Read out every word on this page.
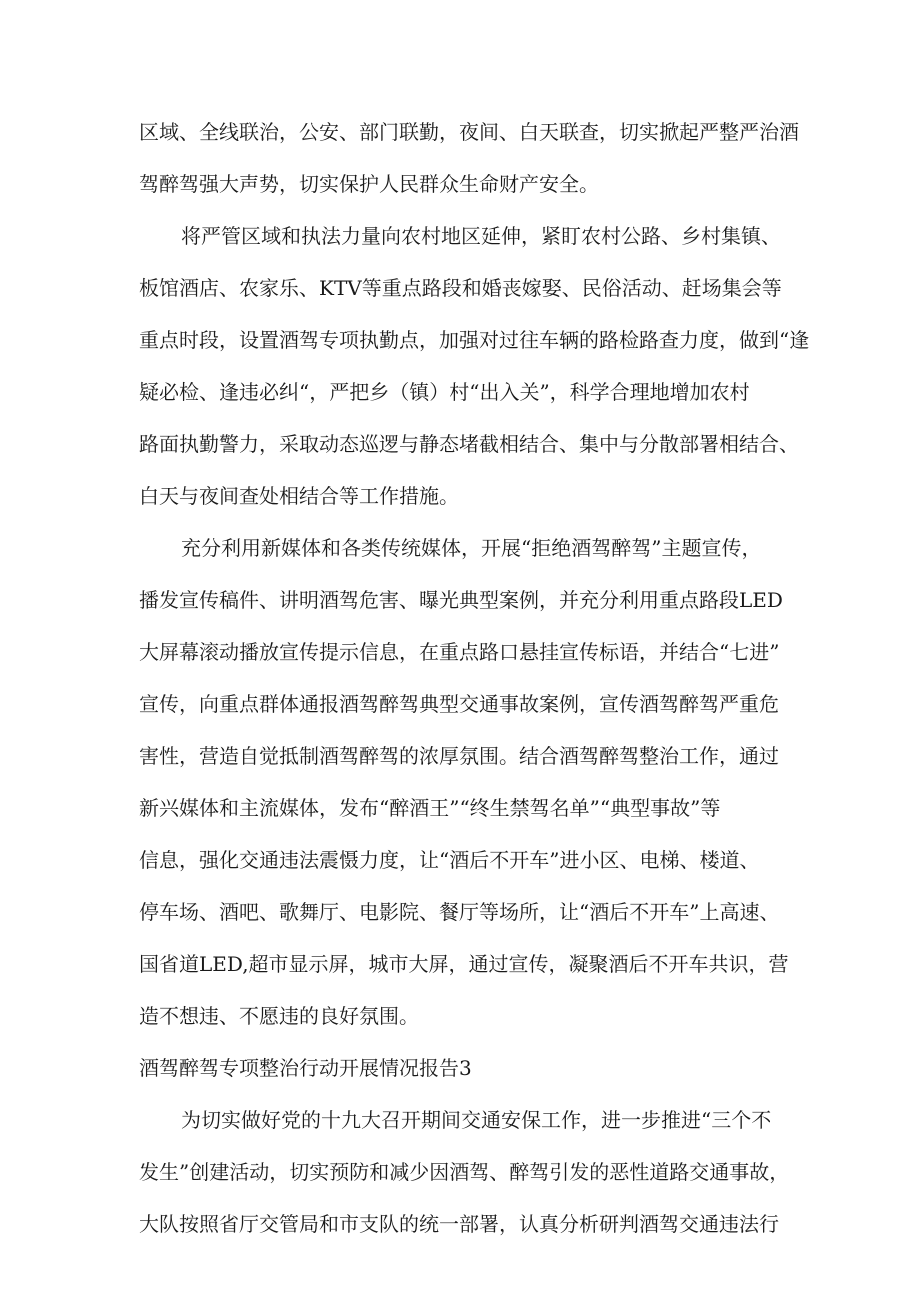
区域、全线联治，公安、部门联勤，夜间、白天联查，切实掀起严整严治酒
驾醉驾强大声势，切实保护人民群众生命财产安全。
将严管区域和执法力量向农村地区延伸，紧盯农村公路、乡村集镇、
板馆酒店、农家乐、KTV等重点路段和婚丧嫁娶、民俗活动、赶场集会等
重点时段，设置酒驾专项执勤点，加强对过往车辆的路检路查力度，做到“逢
疑必检、逢违必纠“，严把乡（镇）村“出入关”，科学合理地增加农村
路面执勤警力，采取动态巡逻与静态堵截相结合、集中与分散部署相结合、
白天与夜间查处相结合等工作措施。
充分利用新媒体和各类传统媒体，开展“拒绝酒驾醉驾”主题宣传，
播发宣传稿件、讲明酒驾危害、曝光典型案例，并充分利用重点路段LED
大屏幕滚动播放宣传提示信息，在重点路口悬挂宣传标语，并结合“七进”
宣传，向重点群体通报酒驾醉驾典型交通事故案例，宣传酒驾醉驾严重危
害性，营造自觉抵制酒驾醉驾的浓厚氛围。结合酒驾醉驾整治工作，通过
新兴媒体和主流媒体，发布“醉酒王”“终生禁驾名单”“典型事故”等
信息，强化交通违法震慑力度，让“酒后不开车”进小区、电梯、楼道、
停车场、酒吧、歌舞厅、电影院、餐厅等场所，让“酒后不开车”上高速、
国省道LED,超市显示屏，城市大屏，通过宣传，凝聚酒后不开车共识，营
造不想违、不愿违的良好氛围。
酒驾醉驾专项整治行动开展情况报告3
为切实做好党的十九大召开期间交通安保工作，进一步推进“三个不
发生”创建活动，切实预防和减少因酒驾、醉驾引发的恶性道路交通事故，
大队按照省厅交管局和市支队的统一部署，认真分析研判酒驾交通违法行
